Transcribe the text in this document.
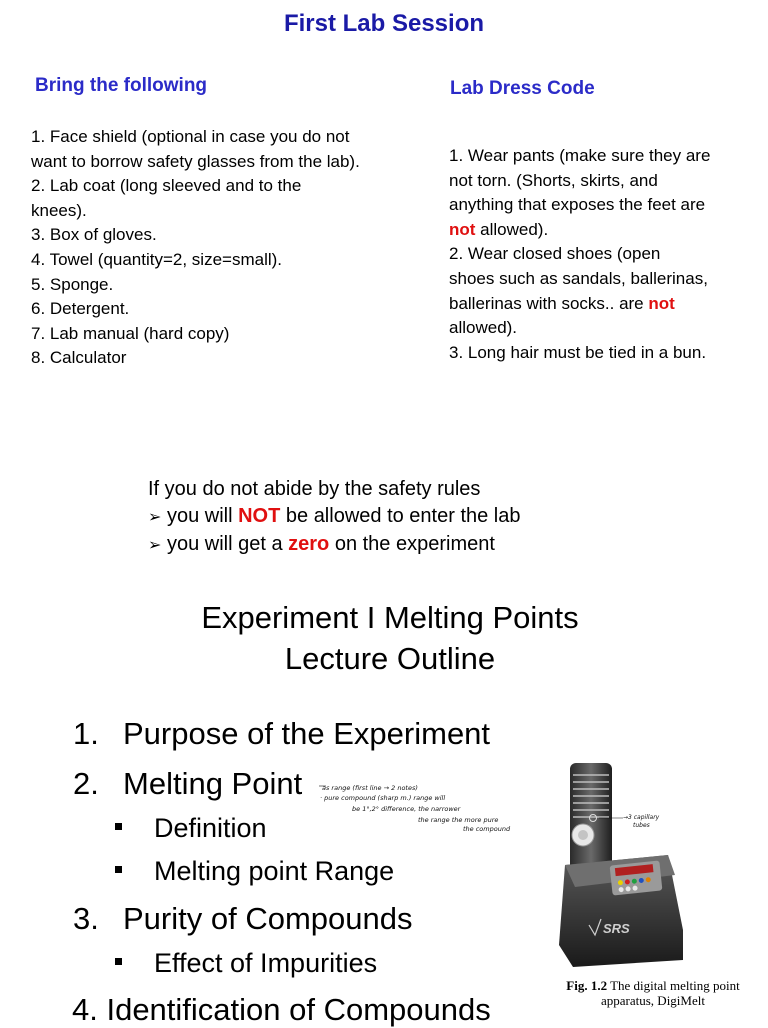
First Lab Session
Bring the following
1. Face shield (optional in case you do not
want to borrow safety glasses from the lab).
2. Lab coat (long sleeved and to the
knees).
3. Box of gloves.
4. Towel (quantity=2, size=small).
5. Sponge.
6. Detergent.
7. Lab manual (hard copy)
8. Calculator
Lab Dress Code
1. Wear pants (make sure they are
not torn. (Shorts, skirts, and
anything that exposes the feet are
not allowed).
2. Wear closed shoes (open
shoes such as sandals, ballerinas,
ballerinas with socks.. are not
allowed).
3. Long hair must be tied in a bun.
If you do not abide by the safety rules
➢ you will NOT be allowed to enter the lab
➢ you will get a zero on the experiment
Experiment I Melting Points
Lecture Outline
1. Purpose of the Experiment
2. Melting Point
Definition
Melting point Range
3. Purity of Compounds
Effect of Impurities
4. Identification of Compounds
as range (first line → 2 notes)
· pure compound (sharp m.) range will
be 1°,2° difference, the narrower
the range the more pure
the compound
SRS
→3 capillary
tubes
Fig. 1.2 The digital melting point
apparatus, DigiMelt
